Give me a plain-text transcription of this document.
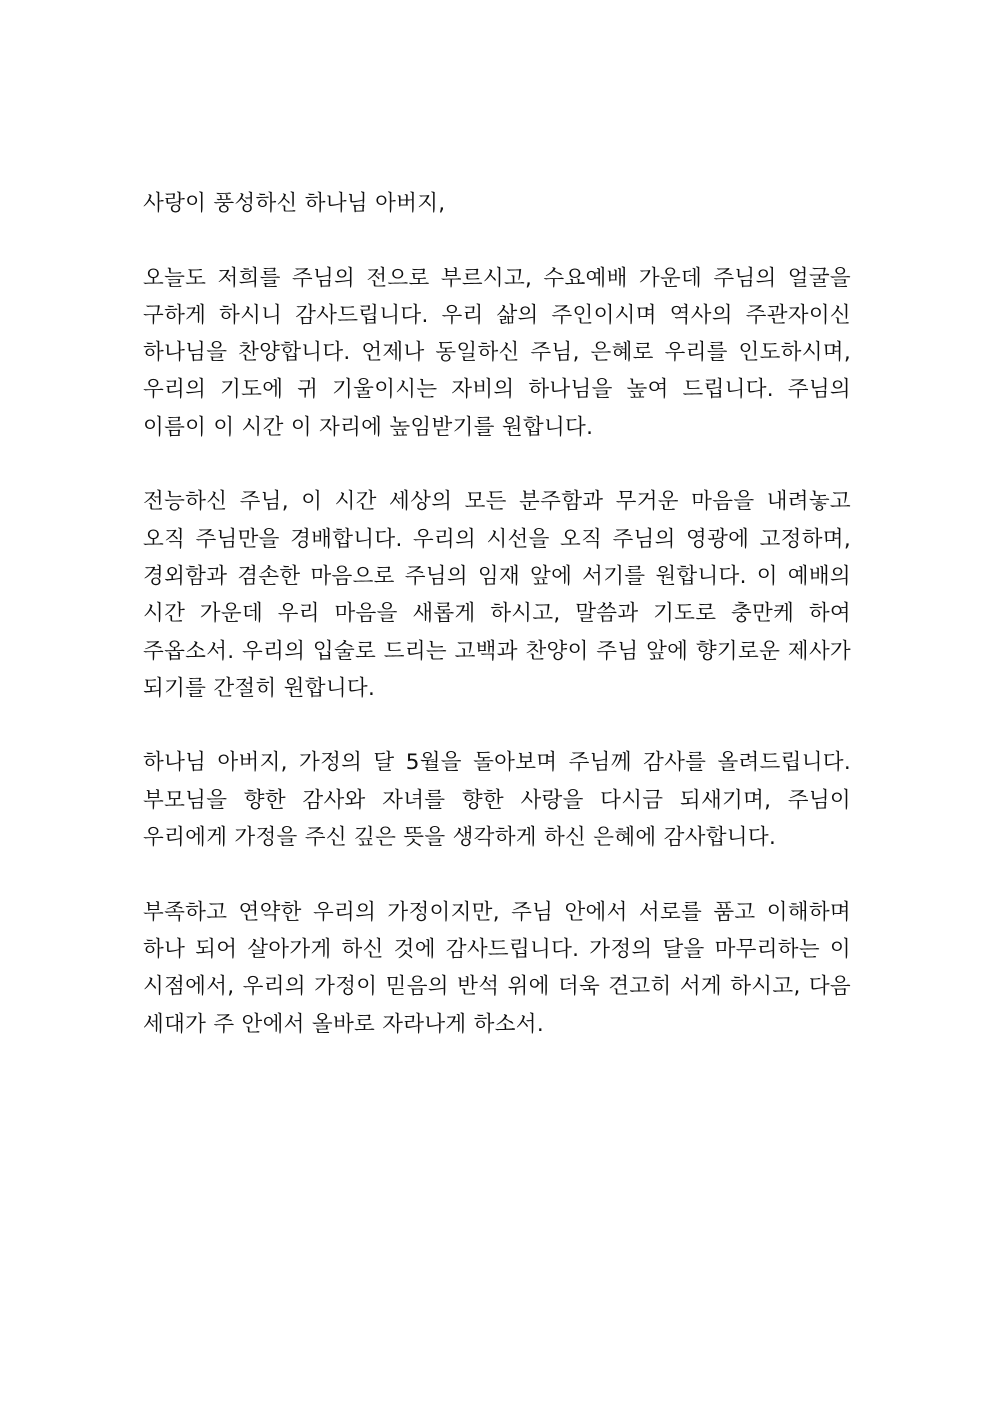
사랑이 풍성하신 하나님 아버지,

오늘도 저희를 주님의 전으로 부르시고, 수요예배 가운데 주님의 얼굴을 구하게 하시니 감사드립니다. 우리 삶의 주인이시며 역사의 주관자이신 하나님을 찬양합니다. 언제나 동일하신 주님, 은혜로 우리를 인도하시며, 우리의 기도에 귀 기울이시는 자비의 하나님을 높여 드립니다. 주님의 이름이 이 시간 이 자리에 높임받기를 원합니다.

전능하신 주님, 이 시간 세상의 모든 분주함과 무거운 마음을 내려놓고 오직 주님만을 경배합니다. 우리의 시선을 오직 주님의 영광에 고정하며, 경외함과 겸손한 마음으로 주님의 임재 앞에 서기를 원합니다. 이 예배의 시간 가운데 우리 마음을 새롭게 하시고, 말씀과 기도로 충만케 하여 주옵소서. 우리의 입술로 드리는 고백과 찬양이 주님 앞에 향기로운 제사가 되기를 간절히 원합니다.

하나님 아버지, 가정의 달 5월을 돌아보며 주님께 감사를 올려드립니다. 부모님을 향한 감사와 자녀를 향한 사랑을 다시금 되새기며, 주님이 우리에게 가정을 주신 깊은 뜻을 생각하게 하신 은혜에 감사합니다.

부족하고 연약한 우리의 가정이지만, 주님 안에서 서로를 품고 이해하며 하나 되어 살아가게 하신 것에 감사드립니다. 가정의 달을 마무리하는 이 시점에서, 우리의 가정이 믿음의 반석 위에 더욱 견고히 서게 하시고, 다음 세대가 주 안에서 올바로 자라나게 하소서.
